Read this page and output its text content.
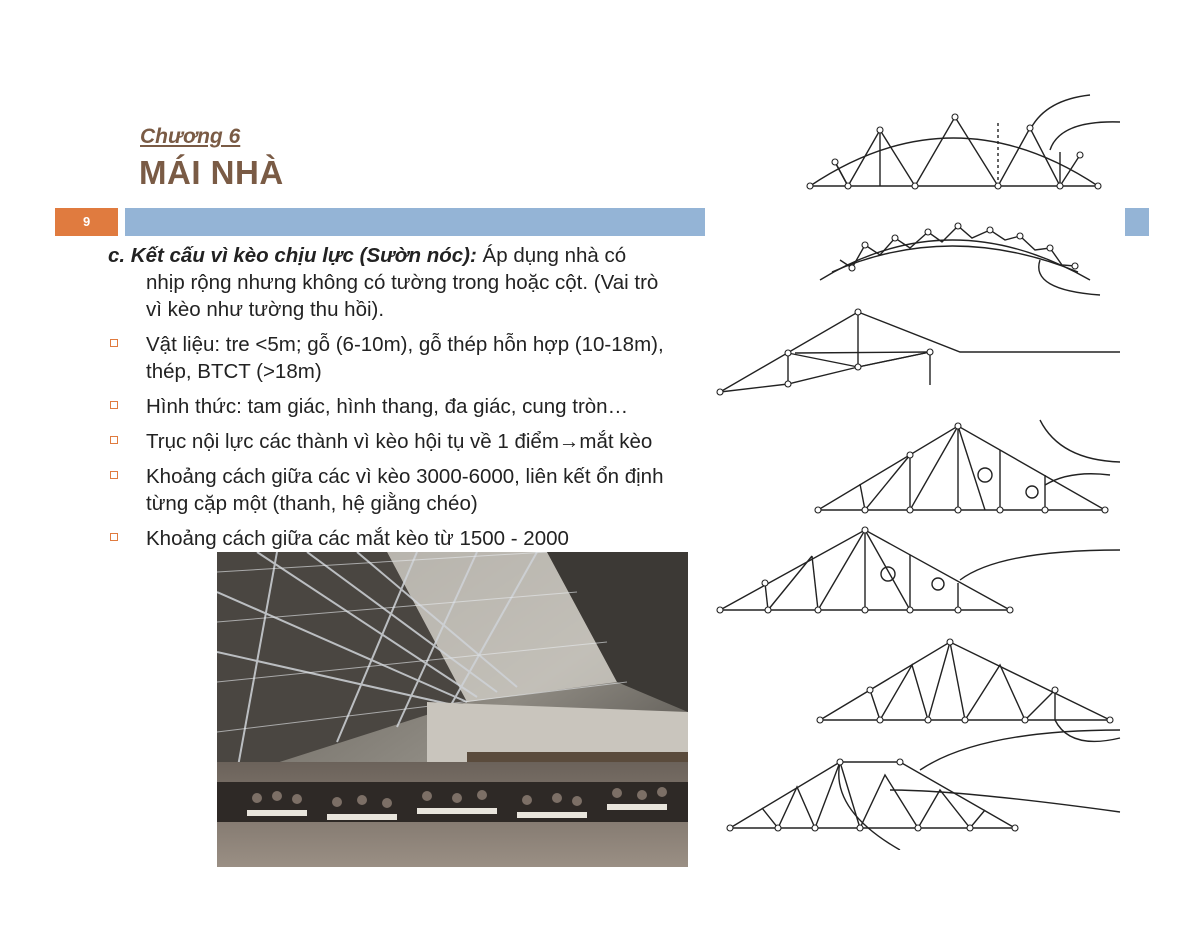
Chương 6
MÁI NHÀ
9
c. Kết cấu vì kèo chịu lực (Sườn nóc): Áp dụng nhà có
nhịp rộng nhưng không có tường trong hoặc cột. (Vai trò
vì kèo như tường thu hồi).
Vật liệu: tre <5m; gỗ (6-10m), gỗ thép hỗn hợp (10-18m),
thép, BTCT (>18m)
Hình thức: tam giác, hình thang, đa giác, cung tròn…
Trục nội lực các thành vì kèo hội tụ về 1 điểm→mắt kèo
Khoảng cách giữa các vì kèo 3000-6000, liên kết ổn định
từng cặp một (thanh, hệ giằng chéo)
Khoảng cách giữa các mắt kèo từ 1500 - 2000
